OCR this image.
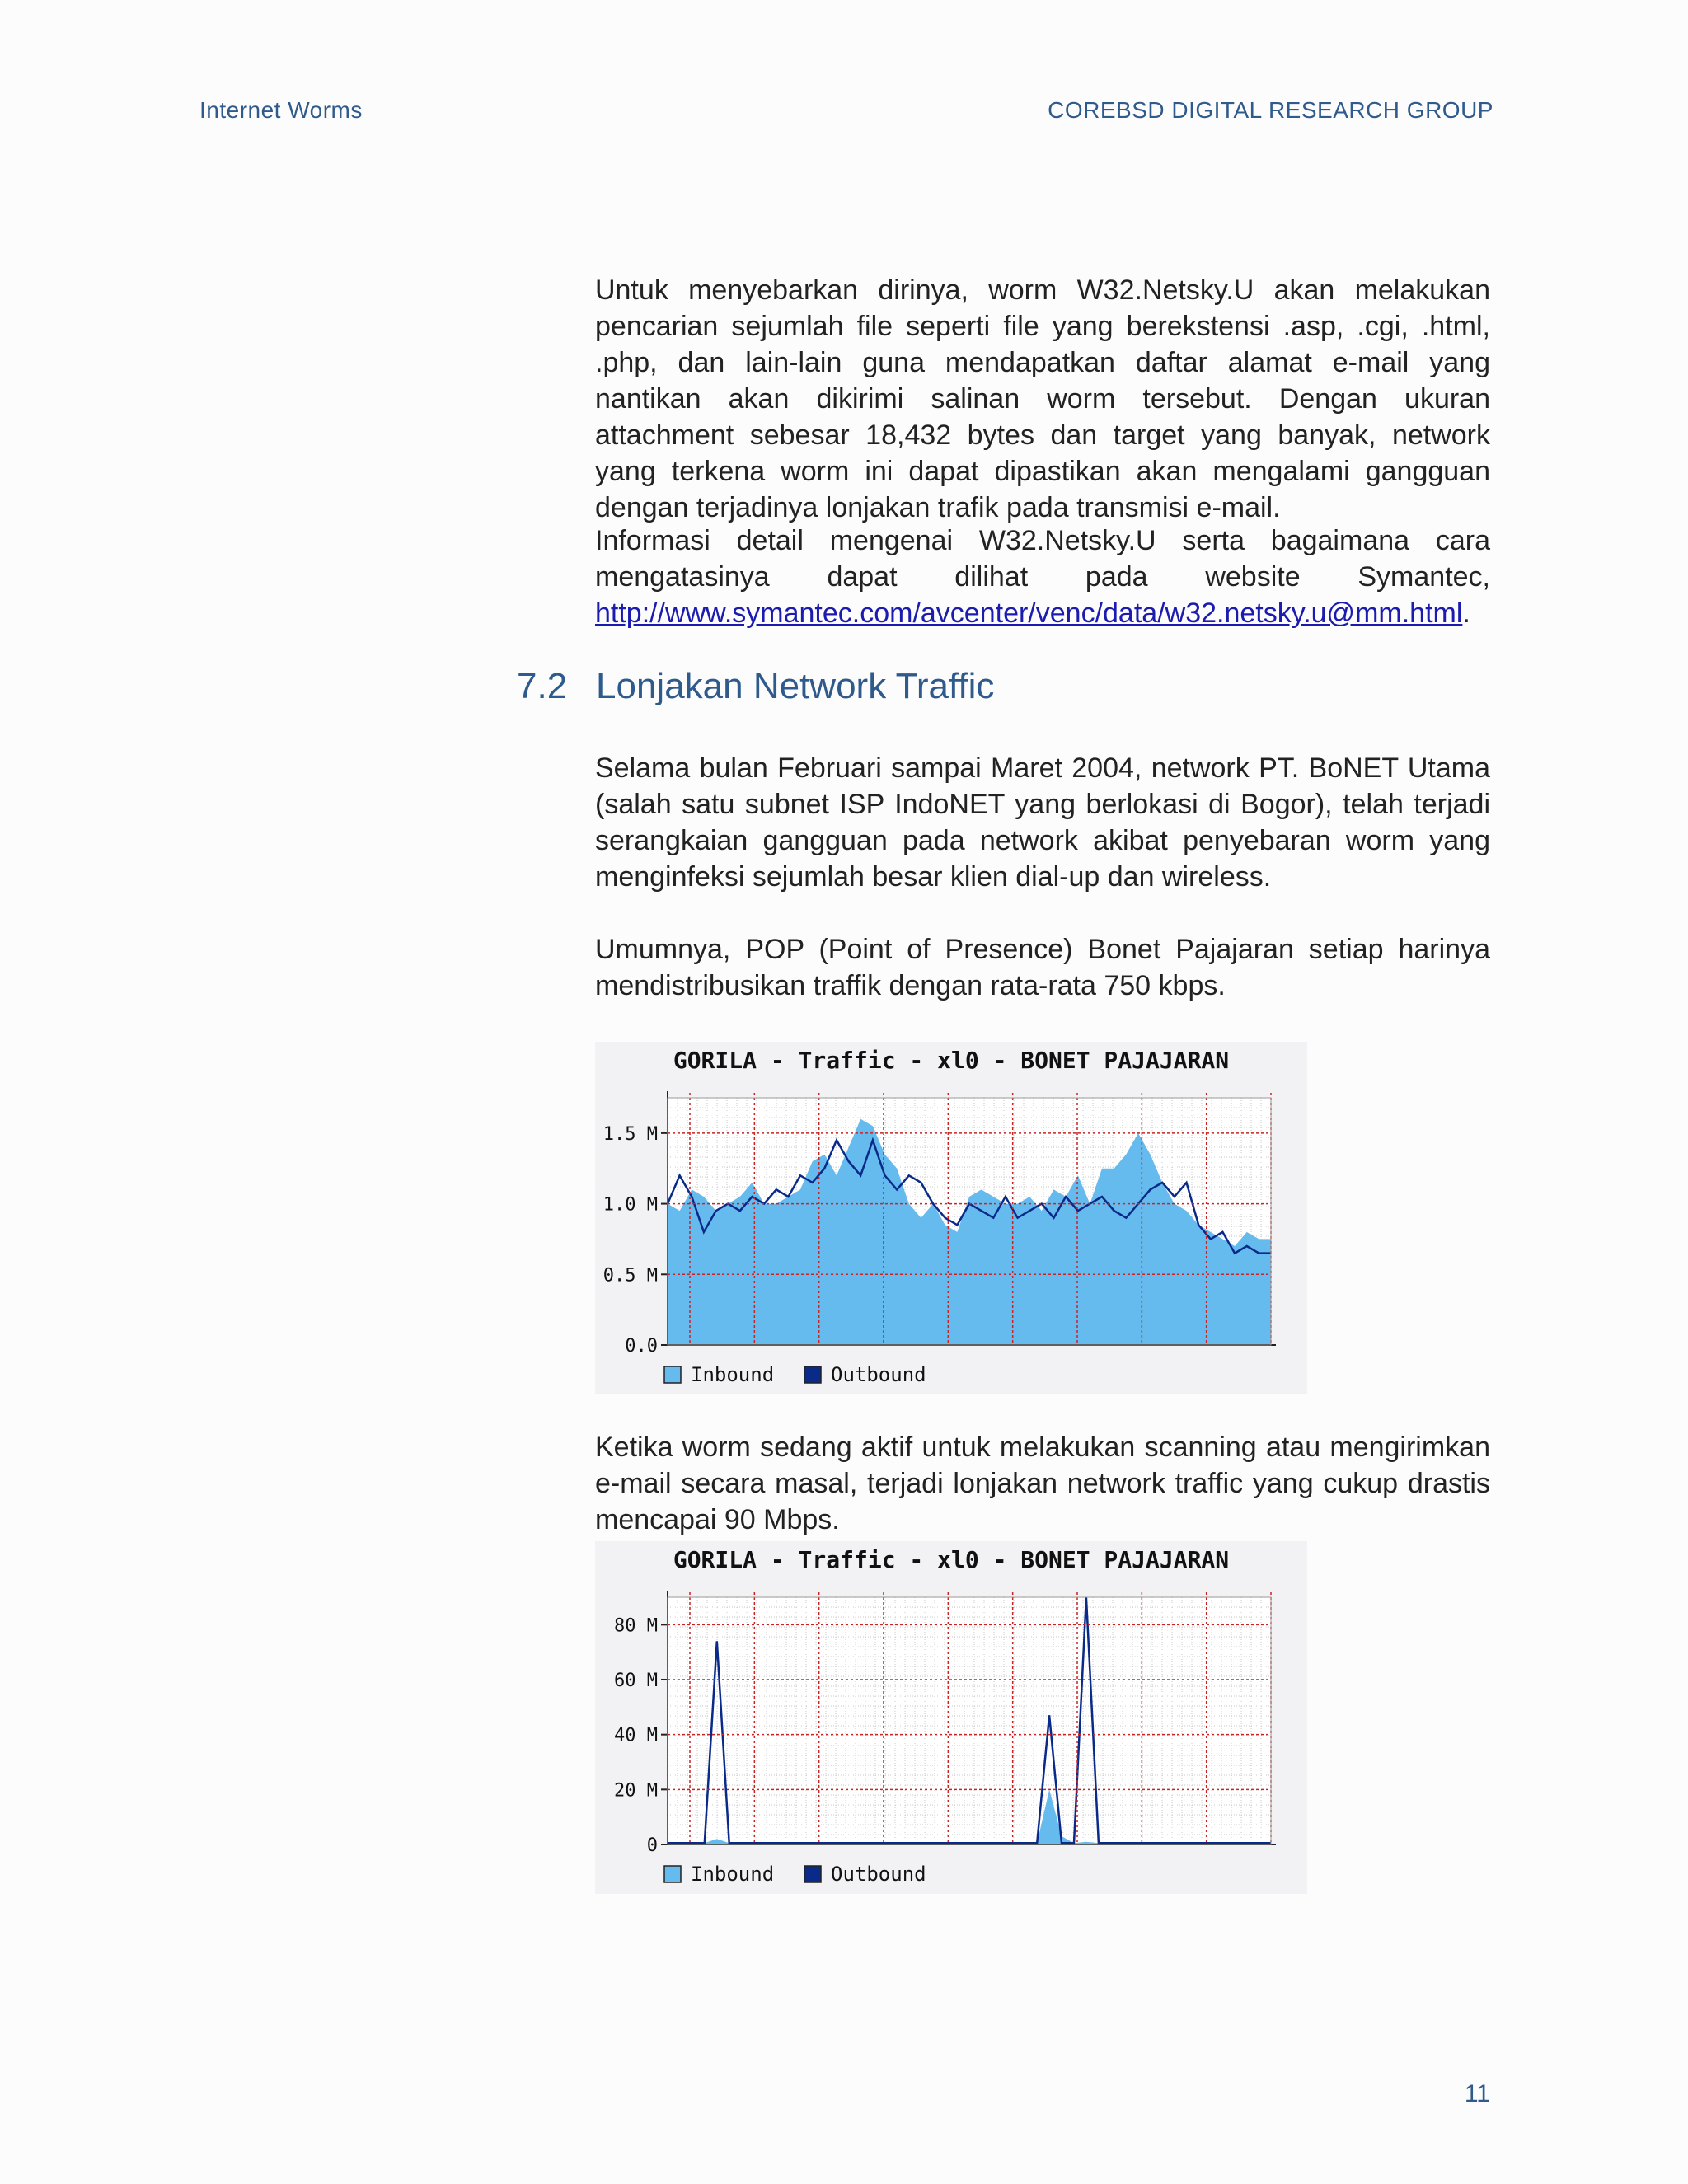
Internet Worms	COREBSD DIGITAL RESEARCH GROUP

Untuk menyebarkan dirinya, worm W32.Netsky.U akan melakukan pencarian sejumlah file seperti file yang berekstensi .asp, .cgi, .html, .php, dan lain-lain guna mendapatkan daftar alamat e-mail yang nantikan akan dikirimi salinan worm tersebut. Dengan ukuran attachment sebesar 18,432 bytes dan target yang banyak, network yang terkena worm ini dapat dipastikan akan mengalami gangguan dengan terjadinya lonjakan trafik pada transmisi e-mail.

Informasi detail mengenai W32.Netsky.U serta bagaimana cara mengatasinya dapat dilihat pada website Symantec, http://www.symantec.com/avcenter/venc/data/w32.netsky.u@mm.html.

7.2 Lonjakan Network Traffic

Selama bulan Februari sampai Maret 2004, network PT. BoNET Utama (salah satu subnet ISP IndoNET yang berlokasi di Bogor), telah terjadi serangkaian gangguan pada network akibat penyebaran worm yang menginfeksi sejumlah besar klien dial-up dan wireless.

Umumnya, POP (Point of Presence) Bonet Pajajaran setiap harinya mendistribusikan traffik dengan rata-rata 750 kbps.

GORILA - Traffic - xl0 - BONET PAJAJARAN
0.0
0.5 M
1.0 M
1.5 M
Inbound	Outbound

Ketika worm sedang aktif untuk melakukan scanning atau mengirimkan e-mail secara masal, terjadi lonjakan network traffic yang cukup drastis mencapai 90 Mbps.

GORILA - Traffic - xl0 - BONET PAJAJARAN
0
20 M
40 M
60 M
80 M
Inbound	Outbound
11
